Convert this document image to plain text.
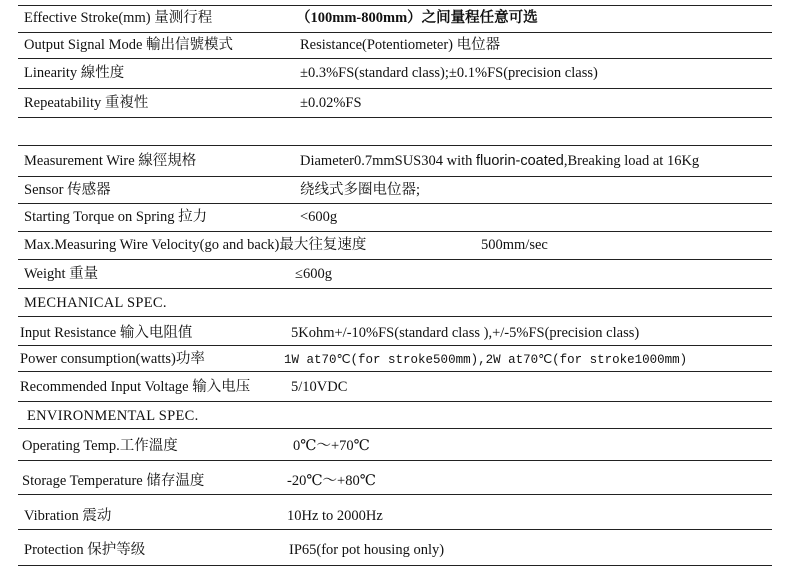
Effective Stroke(mm) 量测行程	（100mm-800mm）之间量程任意可选
Output Signal Mode 輸出信號模式	Resistance(Potentiometer) 电位器
Linearity 線性度	±0.3%FS(standard class);±0.1%FS(precision class)
Repeatability 重複性	±0.02%FS
Measurement Wire 線徑規格	Diameter0.7mmSUS304 with fluorin-coated,Breaking load at 16Kg
Sensor 传感器	绕线式多圈电位器;
Starting Torque on Spring 拉力	<600g
Max.Measuring Wire Velocity(go and back)最大往复速度	500mm/sec
Weight 重量	≤600g
MECHANICAL SPEC.
Input Resistance 输入电阻值	5Kohm+/-10%FS(standard class ),+/-5%FS(precision class)
Power consumption(watts)功率	1W at70℃(for stroke500mm),2W at70℃(for stroke1000mm)
Recommended Input Voltage 输入电压	5/10VDC
ENVIRONMENTAL SPEC.
Operating Temp.工作溫度	0℃～+70℃
Storage Temperature 储存温度	-20℃～+80℃
Vibration 震动	10Hz to 2000Hz
Protection 保护等级	IP65(for pot housing only)
